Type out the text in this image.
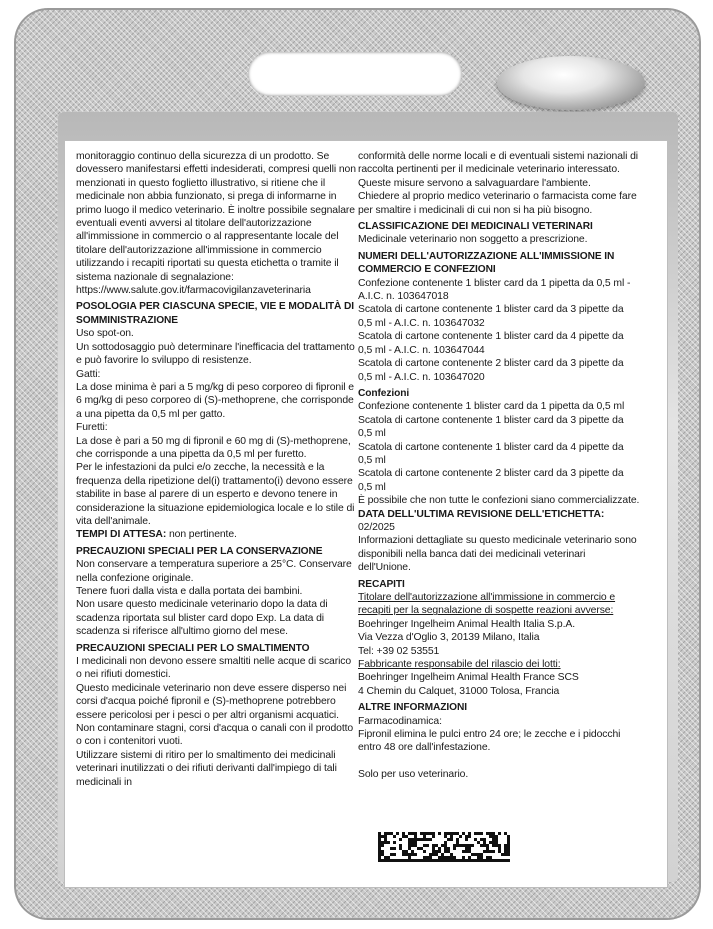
monitoraggio continuo della sicurezza di un prodotto. Se dovessero manifestarsi effetti indesiderati, compresi quelli non menzionati in questo foglietto illustrativo, si ritiene che il medicinale non abbia funzionato, si prega di informarne in primo luogo il medico veterinario. È inoltre possibile segnalare eventuali eventi avversi al titolare dell'autorizzazione all'immissione in commercio o al rappresentante locale del titolare dell'autorizzazione all'immissione in commercio utilizzando i recapiti riportati su questa etichetta o tramite il sistema nazionale di segnalazione:

https://www.salute.gov.it/farmacovigilanzaveterinaria

POSOLOGIA PER CIASCUNA SPECIE, VIE E MODALITÀ DI SOMMINISTRAZIONE

Uso spot-on.

Un sottodosaggio può determinare l'inefficacia del trattamento e può favorire lo sviluppo di resistenze.

Gatti:

La dose minima è pari a 5 mg/kg di peso corporeo di fipronil e 6 mg/kg di peso corporeo di (S)-methoprene, che corrisponde a una pipetta da 0,5 ml per gatto.

Furetti:

La dose è pari a 50 mg di fipronil e 60 mg di (S)-methoprene, che corrisponde a una pipetta da 0,5 ml per furetto.

Per le infestazioni da pulci e/o zecche, la necessità e la frequenza della ripetizione del(i) trattamento(i) devono essere stabilite in base al parere di un esperto e devono tenere in considerazione la situazione epidemiologica locale e lo stile di vita dell'animale.

TEMPI DI ATTESA: non pertinente.

PRECAUZIONI SPECIALI PER LA CONSERVAZIONE

Non conservare a temperatura superiore a 25°C. Conservare nella confezione originale.

Tenere fuori dalla vista e dalla portata dei bambini.

Non usare questo medicinale veterinario dopo la data di scadenza riportata sul blister card dopo Exp. La data di scadenza si riferisce all'ultimo giorno del mese.

PRECAUZIONI SPECIALI PER LO SMALTIMENTO

I medicinali non devono essere smaltiti nelle acque di scarico o nei rifiuti domestici.

Questo medicinale veterinario non deve essere disperso nei corsi d'acqua poiché fipronil e (S)-methoprene potrebbero essere pericolosi per i pesci o per altri organismi acquatici. Non contaminare stagni, corsi d'acqua o canali con il prodotto o con i contenitori vuoti.

Utilizzare sistemi di ritiro per lo smaltimento dei medicinali veterinari inutilizzati o dei rifiuti derivanti dall'impiego di tali medicinali in

conformità delle norme locali e di eventuali sistemi nazionali di raccolta pertinenti per il medicinale veterinario interessato. Queste misure servono a salvaguardare l'ambiente.

Chiedere al proprio medico veterinario o farmacista come fare per smaltire i medicinali di cui non si ha più bisogno.

CLASSIFICAZIONE DEI MEDICINALI VETERINARI

Medicinale veterinario non soggetto a prescrizione.

NUMERI DELL'AUTORIZZAZIONE ALL'IMMISSIONE IN COMMERCIO E CONFEZIONI

Confezione contenente 1 blister card da 1 pipetta da 0,5 ml - A.I.C. n. 103647018

Scatola di cartone contenente 1 blister card da 3 pipette da 0,5 ml - A.I.C. n. 103647032

Scatola di cartone contenente 1 blister card da 4 pipette da 0,5 ml - A.I.C. n. 103647044

Scatola di cartone contenente 2 blister card da 3 pipette da 0,5 ml - A.I.C. n. 103647020

Confezioni

Confezione contenente 1 blister card da 1 pipetta da 0,5 ml

Scatola di cartone contenente 1 blister card da 3 pipette da 0,5 ml

Scatola di cartone contenente 1 blister card da 4 pipette da 0,5 ml

Scatola di cartone contenente 2 blister card da 3 pipette da 0,5 ml

È possibile che non tutte le confezioni siano commercializzate.

DATA DELL'ULTIMA REVISIONE DELL'ETICHETTA: 02/2025

Informazioni dettagliate su questo medicinale veterinario sono disponibili nella banca dati dei medicinali veterinari dell'Unione.

RECAPITI

Titolare dell'autorizzazione all'immissione in commercio e recapiti per la segnalazione di sospette reazioni avverse:

Boehringer Ingelheim Animal Health Italia S.p.A.

Via Vezza d'Oglio 3, 20139 Milano, Italia

Tel: +39 02 53551

Fabbricante responsabile del rilascio dei lotti:

Boehringer Ingelheim Animal Health France SCS

4 Chemin du Calquet, 31000 Tolosa, Francia

ALTRE INFORMAZIONI

Farmacodinamica:

Fipronil elimina le pulci entro 24 ore; le zecche e i pidocchi entro 48 ore dall'infestazione.

Solo per uso veterinario.
